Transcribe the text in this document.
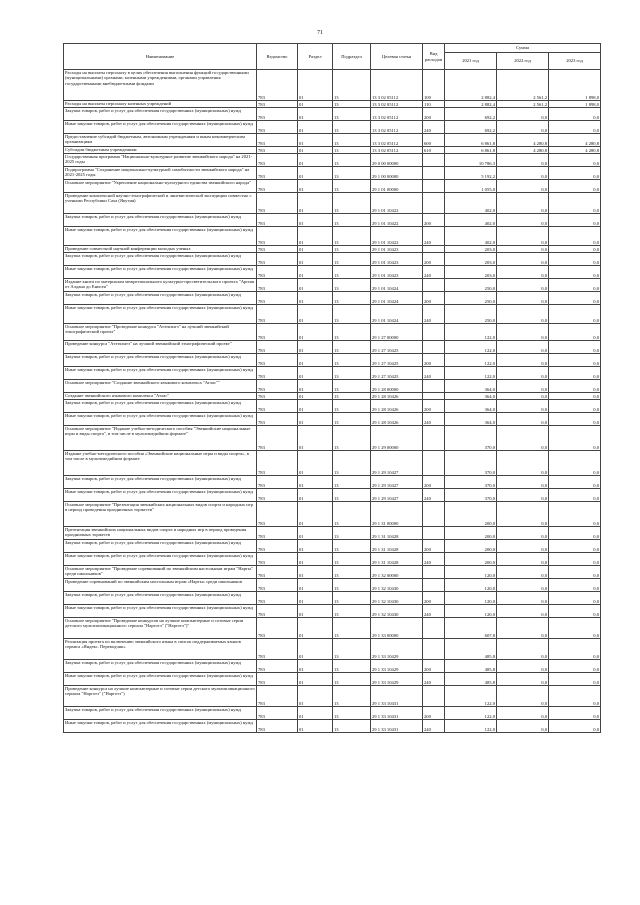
71
Наименование	Ведомство	Раздел	Подраздел	Целевая статья	Вид расходов	Сумма		
						2021 год	2022 год	2023 год
Расходы на выплаты персоналу в целях обеспечения выполнения функций государственными (муниципальными) органами, казенными учреждениями, органами управления государственными внебюджетными фондами	783	01	13	13 3 02 05112	100	2 882,4	2 561,2	1 898,0
Расходы на выплаты персоналу казенных учреждений	783	01	13	13 3 02 05112	110	2 882,4	2 561,2	1 898,0
Закупка товаров, работ и услуг для обеспечения государственных (муниципальных) нужд	783	01	13	13 3 02 05112	200	692,2	0,0	0,0
Иные закупки товаров, работ и услуг для обеспечения государственных (муниципальных) нужд	783	01	13	13 3 02 05112	240	692,2	0,0	0,0
Предоставление субсидий бюджетным, автономным учреждениям и иным некоммерческим организациям	783	01	13	13 3 02 05112	600	6 861,8	4 280,8	4 280,8
Субсидии бюджетным учреждениям	783	01	13	13 3 02 05112	610	6 861,8	4 280,8	4 280,8
Государственная программа "Национально-культурное развитие эвенкийского народа" на 2021-2025 годы	783	01	13	29 0 00 00000		10 786,3	0,0	0,0
Подпрограмма "Сохранение национально-культурной самобытности эвенкийского народа" на 2021-2025 годы	783	01	13	29 1 00 00000		5 192,2	0,0	0,0
Основное мероприятие "Укрепление национально-культурного единства эвенкийского народа"	783	01	13	29 1 01 00000		1 055,0	0,0	0,0
Проведение комплексной научно-этнографической и лингвистической экспедиции совместно с учеными Республики Саха (Якутия)	783	01	13	29 1 01 10422		402,0	0,0	0,0
Закупка товаров, работ и услуг для обеспечения государственных (муниципальных) нужд	783	01	13	29 1 01 10422	200	402,0	0,0	0,0
Иные закупки товаров, работ и услуг для обеспечения государственных (муниципальных) нужд	783	01	13	29 1 01 10422	240	402,0	0,0	0,0
Проведение совместной научной конференции молодых ученых	783	01	13	29 1 01 10423		203,0	0,0	0,0
Закупка товаров, работ и услуг для обеспечения государственных (муниципальных) нужд	783	01	13	29 1 01 10423	200	203,0	0,0	0,0
Иные закупки товаров, работ и услуг для обеспечения государственных (муниципальных) нужд	783	01	13	29 1 01 10423	240	203,0	0,0	0,0
Издание книги по материалам межрегионального культурно-просветительского проекта "Аргиш от Алдана до Енисея"	783	01	13	29 1 01 10424		250,0	0,0	0,0
Закупка товаров, работ и услуг для обеспечения государственных (муниципальных) нужд	783	01	13	29 1 01 10424	200	250,0	0,0	0,0
Иные закупки товаров, работ и услуг для обеспечения государственных (муниципальных) нужд	783	01	13	29 1 01 10424	240	250,0	0,0	0,0
Основное мероприятие "Проведение конкурса "Атэткэнтэ" на лучший эвенкийский этнографический проект"	783	01	13	29 1 27 00000		122,0	0,0	0,0
Проведение конкурса "Атэткэнтэ" на лучший эвенкийский этнографический проект"	783	01	13	29 1 27 10425		122,0	0,0	0,0
Закупка товаров, работ и услуг для обеспечения государственных (муниципальных) нужд	783	01	13	29 1 27 10425	200	122,0	0,0	0,0
Иные закупки товаров, работ и услуг для обеспечения государственных (муниципальных) нужд	783	01	13	29 1 27 10425	240	122,0	0,0	0,0
Основное мероприятие "Создание эвенкийского языкового комплекса "Атлас""	783	01	13	29 1 28 00000		364,0	0,0	0,0
Создание эвенкийского языкового комплекса "Атлас"	783	01	13	29 1 28 10426		364,0	0,0	0,0
Закупка товаров, работ и услуг для обеспечения государственных (муниципальных) нужд	783	01	13	29 1 28 10426	200	364,0	0,0	0,0
Иные закупки товаров, работ и услуг для обеспечения государственных (муниципальных) нужд	783	01	13	29 1 28 10426	240	364,0	0,0	0,0
Основное мероприятие "Издание учебно-методического пособия "Эвенкийские национальные игры и виды спорта", в том числе в мультимедийном формате"	783	01	13	29 1 29 00000		370,0	0,0	0,0
Издание учебно-методического пособия «Эвенкийские национальные игры и виды спорта», в том числе в мультимедийном формате	783	01	13	29 1 29 10427		370,0	0,0	0,0
Закупка товаров, работ и услуг для обеспечения государственных (муниципальных) нужд	783	01	13	29 1 29 10427	200	370,0	0,0	0,0
Иные закупки товаров, работ и услуг для обеспечения государственных (муниципальных) нужд	783	01	13	29 1 29 10427	240	370,0	0,0	0,0
Основное мероприятие "Презентация эвенкийских национальных видов спорта и народных игр в период проведения праздничных торжеств"	783	01	13	29 1 31 00000		200,0	0,0	0,0
Презентация эвенкийских национальных видов спорта и народных игр в период проведения праздничных торжеств	783	01	13	29 1 31 10428		200,0	0,0	0,0
Закупка товаров, работ и услуг для обеспечения государственных (муниципальных) нужд	783	01	13	29 1 31 10428	200	200,0	0,0	0,0
Иные закупки товаров, работ и услуг для обеспечения государственных (муниципальных) нужд	783	01	13	29 1 31 10428	240	200,0	0,0	0,0
Основное мероприятие "Проведение соревнований по эвенкийским настольным играм "Нарты" среди школьников"	783	01	13	29 1 32 00000		120,0	0,0	0,0
Проведение соревнований по эвенкийским настольным играм «Нарты» среди школьников	783	01	13	29 1 32 10430		120,0	0,0	0,0
Закупка товаров, работ и услуг для обеспечения государственных (муниципальных) нужд	783	01	13	29 1 32 10430	200	120,0	0,0	0,0
Иные закупки товаров, работ и услуг для обеспечения государственных (муниципальных) нужд	783	01	13	29 1 32 10430	240	120,0	0,0	0,0
Основное мероприятие "Проведение конкурсов на лучшие компьютерные и сотовые серии детского мультипликационного сериала "Нарготэ" ("Нарготэ")"	783	01	13	29 1 33 00000		607,8	0,0	0,0
Реализация проекта по включению эвенкийского языка в список поддерживаемых языков сервиса «Яндекс. Переводчик»	783	01	13	29 1 33 10429		485,8	0,0	0,0
Закупка товаров, работ и услуг для обеспечения государственных (муниципальных) нужд	783	01	13	29 1 33 10429	200	485,8	0,0	0,0
Иные закупки товаров, работ и услуг для обеспечения государственных (муниципальных) нужд	783	01	13	29 1 33 10429	240	485,8	0,0	0,0
Проведение конкурса на лучшие компьютерные и сотовые серии детского мультипликационного сериала "Нарготэ" ("Нарготэ")	783	01	13	29 1 33 10431		122,0	0,0	0,0
Закупка товаров, работ и услуг для обеспечения государственных (муниципальных) нужд	783	01	13	29 1 33 10431	200	122,0	0,0	0,0
Иные закупки товаров, работ и услуг для обеспечения государственных (муниципальных) нужд	783	01	13	29 1 33 10431	240	122,0	0,0	0,0
